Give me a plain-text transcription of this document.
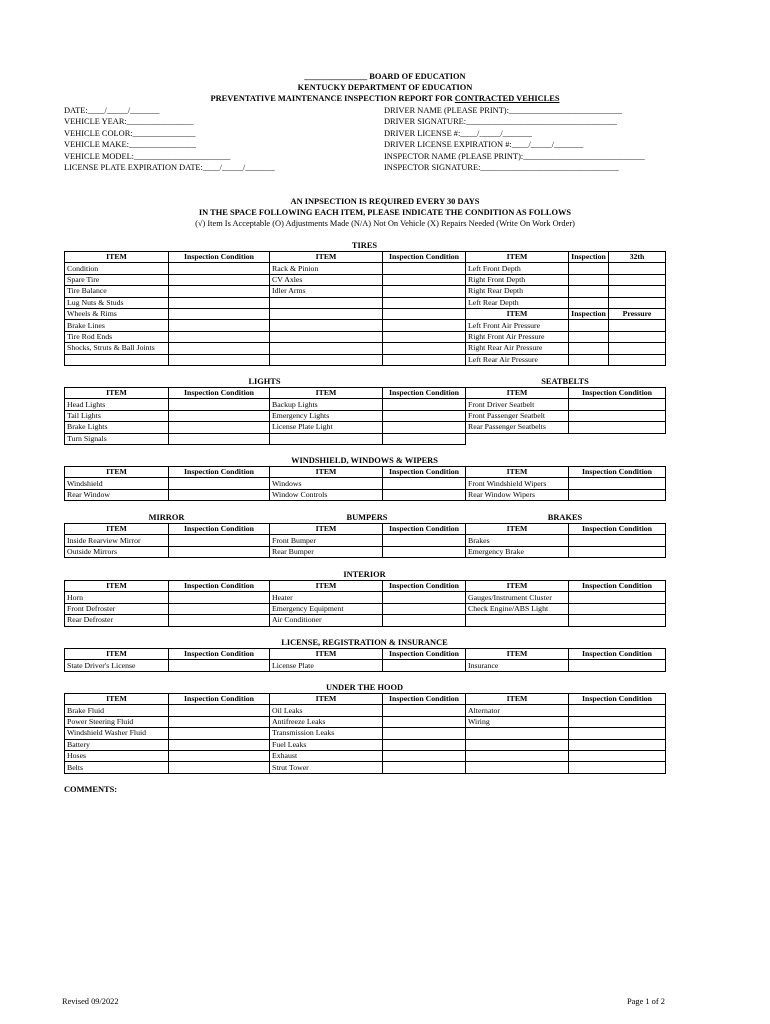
_______________ BOARD OF EDUCATION
KENTUCKY DEPARTMENT OF EDUCATION
PREVENTATIVE MAINTENANCE INSPECTION REPORT FOR CONTRACTED VEHICLES
DATE:____/_____/_______
VEHICLE YEAR:________________
VEHICLE COLOR:_______________
VEHICLE MAKE:________________
VEHICLE MODEL:_______________________
LICENSE PLATE EXPIRATION DATE:____/_____/_______
DRIVER NAME (PLEASE PRINT):___________________________
DRIVER SIGNATURE:____________________________________
DRIVER LICENSE #:____/_____/_______
DRIVER LICENSE EXPIRATION #:____/_____/_______
INSPECTOR NAME (PLEASE PRINT):_____________________________
INSPECTOR SIGNATURE:_________________________________
AN INPSECTION IS REQUIRED EVERY 30 DAYS
IN THE SPACE FOLLOWING EACH ITEM, PLEASE INDICATE THE CONDITION AS FOLLOWS
(√) Item Is Acceptable (O) Adjustments Made (N/A) Not On Vehicle (X) Repairs Needed (Write On Work Order)
TIRES
LIGHTS	SEATBELTS
WINDSHIELD, WINDOWS & WIPERS
MIRROR	BUMPERS	BRAKES
INTERIOR
LICENSE, REGISTRATION & INSURANCE
UNDER THE HOOD
ITEM	Inspection Condition	ITEM	Inspection Condition	ITEM	Inspection	32th
Condition		Rack & Pinion		Left Front Depth		
Spare Tire		CV Axles		Right Front Depth		
Tire Balance		Idler Arms		Right Rear Depth		
Lug Nuts & Studs				Left Rear Depth		
Wheels & Rims				ITEM	Inspection	Pressure
Brake Lines				Left Front Air Pressure		
Tire Rod Ends				Right Front Air Pressure		
Shocks, Struts & Ball Joints				Right Rear Air Pressure		
				Left Rear Air Pressure		
ITEM	Inspection Condition	ITEM	Inspection Condition	ITEM	Inspection Condition
Head Lights		Backup Lights		Front Driver Seatbelt	
Tail Lights		Emergency Lights		Front Passenger Seatbelt	
Brake Lights		License Plate Light		Rear Passenger Seatbelts	
Turn Signals					
ITEM	Inspection Condition	ITEM	Inspection Condition	ITEM	Inspection Condition
Windshield		Windows		Front Windshield Wipers	
Rear Window		Window Controls		Rear Window Wipers	
ITEM	Inspection Condition	ITEM	Inspection Condition	ITEM	Inspection Condition
Inside Rearview Mirror		Front Bumper		Brakes	
Outside Mirrors		Rear Bumper		Emergency Brake	
ITEM	Inspection Condition	ITEM	Inspection Condition	ITEM	Inspection Condition
Horn		Heater		Gauges/Instrument Cluster	
Front Defroster		Emergency Equipment		Check Engine/ABS Light	
Rear Defroster		Air Conditioner			
ITEM	Inspection Condition	ITEM	Inspection Condition	ITEM	Inspection Condition
State Driver's License		License Plate		Insurance	
ITEM	Inspection Condition	ITEM	Inspection Condition	ITEM	Inspection Condition
Brake Fluid		Oil Leaks		Alternator	
Power Steering Fluid		Antifreeze Leaks		Wiring	
Windshield Washer Fluid		Transmission Leaks			
Battery		Fuel Leaks			
Hoses		Exhaust			
Belts		Strut Tower			
COMMENTS:
Revised 09/2022	Page 1 of 2
